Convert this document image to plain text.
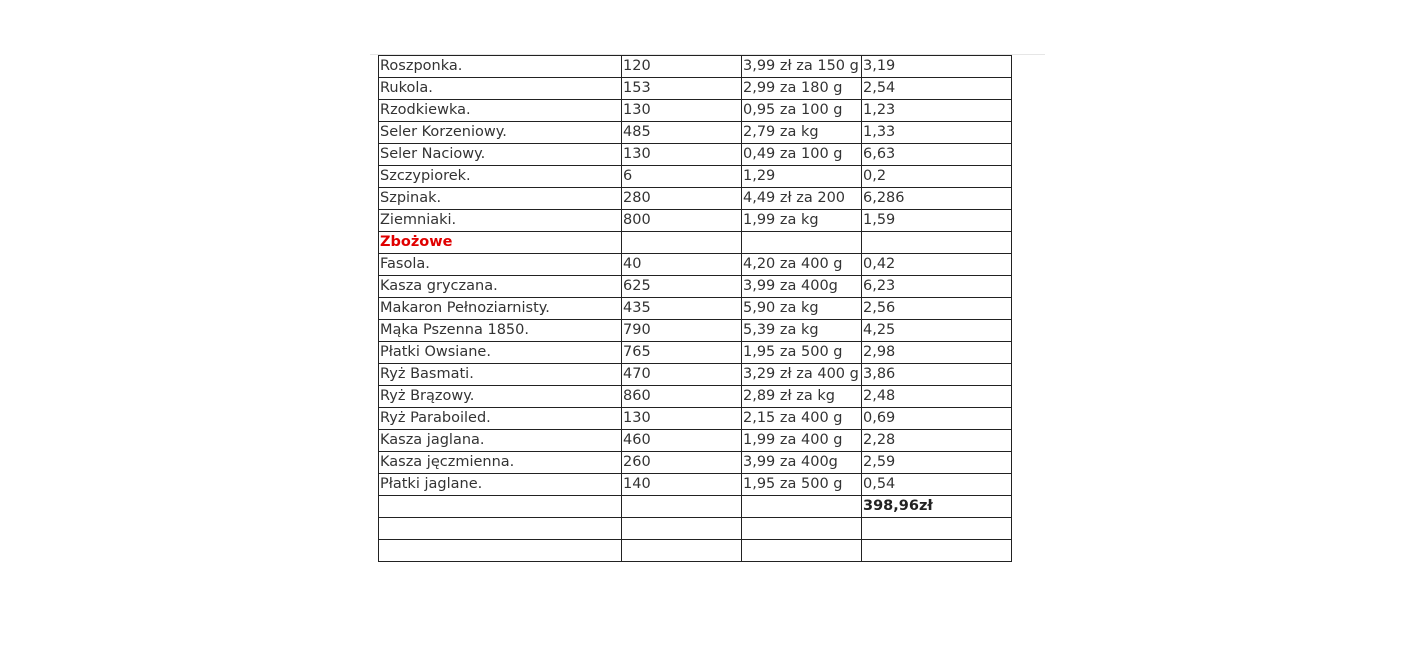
Roszponka.	120	3,99 zł za 150 g	3,19
Rukola.	153	2,99 za 180 g	2,54
Rzodkiewka.	130	0,95 za 100 g	1,23
Seler Korzeniowy.	485	2,79 za kg	1,33
Seler Naciowy.	130	0,49 za 100 g	6,63
Szczypiorek.	6	1,29	0,2
Szpinak.	280	4,49 zł za 200	6,286
Ziemniaki.	800	1,99 za kg	1,59
Zbożowe			
Fasola.	40	4,20 za 400 g	0,42
Kasza gryczana.	625	3,99 za 400g	6,23
Makaron Pełnoziarnisty.	435	5,90 za kg	2,56
Mąka Pszenna 1850.	790	5,39 za kg	4,25
Płatki Owsiane.	765	1,95 za 500 g	2,98
Ryż Basmati.	470	3,29 zł za 400 g	3,86
Ryż Brązowy.	860	2,89 zł za kg	2,48
Ryż Paraboiled.	130	2,15 za 400 g	0,69
Kasza jaglana.	460	1,99 za 400 g	2,28
Kasza jęczmienna.	260	3,99 za 400g	2,59
Płatki jaglane.	140	1,95 za 500 g	0,54
			398,96zł
